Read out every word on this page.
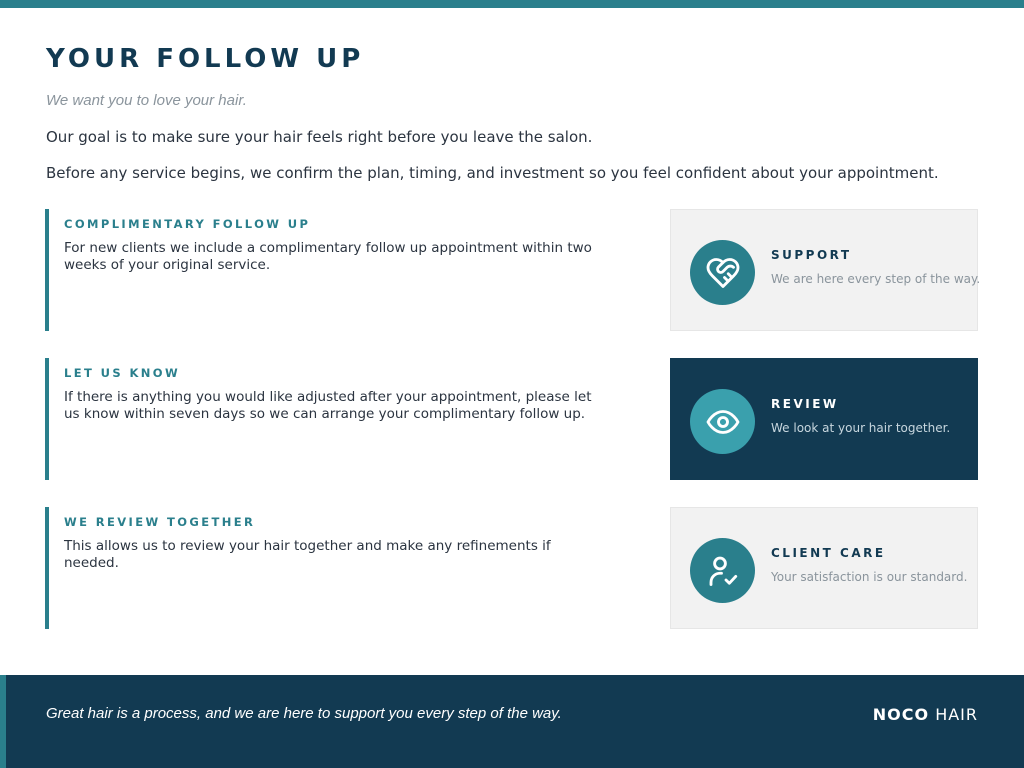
YOUR FOLLOW UP

We want you to love your hair.

Our goal is to make sure your hair feels right before you leave the salon.

Before any service begins, we confirm the plan, timing, and investment so you feel confident about your appointment.

COMPLIMENTARY FOLLOW UP
For new clients we include a complimentary follow up appointment within two weeks of your original service.
LET US KNOW
If there is anything you would like adjusted after your appointment, please let us know within seven days so we can arrange your complimentary follow up.
WE REVIEW TOGETHER
This allows us to review your hair together and make any refinements if needed.
SUPPORT
We are here every step of the way.
REVIEW
We look at your hair together.
CLIENT CARE
Your satisfaction is our standard.
Great hair is a process, and we are here to support you every step of the way.	NOCO HAIR
